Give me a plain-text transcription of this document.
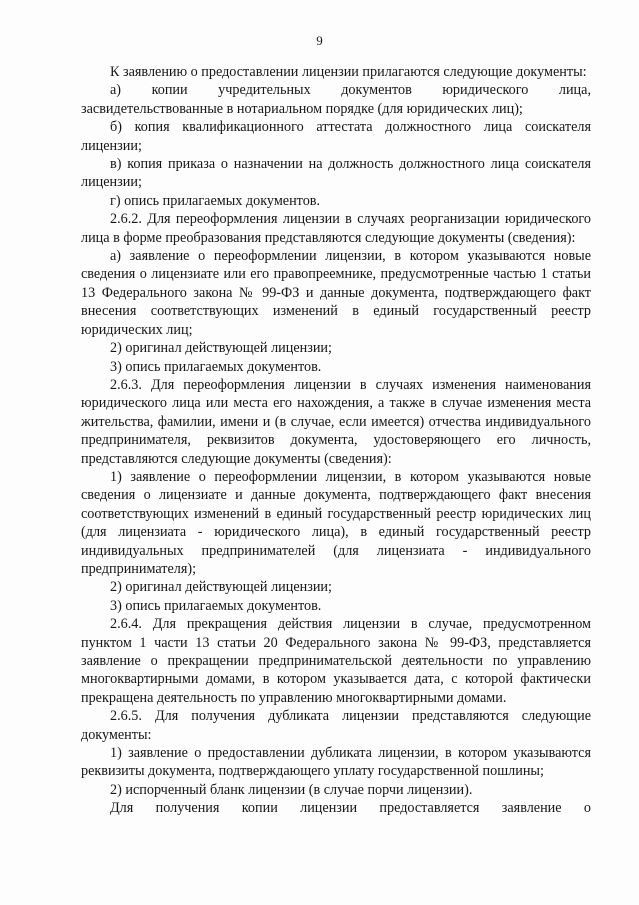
9

К заявлению о предоставлении лицензии прилагаются следующие документы:

а) копии учредительных документов юридического лица, засвидетельствованные в нотариальном порядке (для юридических лиц);

б) копия квалификационного аттестата должностного лица соискателя лицензии;

в) копия приказа о назначении на должность должностного лица соискателя лицензии;

г) опись прилагаемых документов.

2.6.2. Для переоформления лицензии в случаях реорганизации юридического лица в форме преобразования представляются следующие документы (сведения):

а) заявление о переоформлении лицензии, в котором указываются новые сведения о лицензиате или его правопреемнике, предусмотренные частью 1 статьи 13 Федерального закона № 99-ФЗ и данные документа, подтверждающего факт внесения соответствующих изменений в единый государственный реестр юридических лиц;

2) оригинал действующей лицензии;

3) опись прилагаемых документов.

2.6.3. Для переоформления лицензии в случаях изменения наименования юридического лица или места его нахождения, а также в случае изменения места жительства, фамилии, имени и (в случае, если имеется) отчества индивидуального предпринимателя, реквизитов документа, удостоверяющего его личность, представляются следующие документы (сведения):

1) заявление о переоформлении лицензии, в котором указываются новые сведения о лицензиате и данные документа, подтверждающего факт внесения соответствующих изменений в единый государственный реестр юридических лиц (для лицензиата - юридического лица), в единый государственный реестр индивидуальных предпринимателей (для лицензиата - индивидуального предпринимателя);

2) оригинал действующей лицензии;

3) опись прилагаемых документов.

2.6.4. Для прекращения действия лицензии в случае, предусмотренном пунктом 1 части 13 статьи 20 Федерального закона № 99-ФЗ, представляется заявление о прекращении предпринимательской деятельности по управлению многоквартирными домами, в котором указывается дата, с которой фактически прекращена деятельность по управлению многоквартирными домами.

2.6.5. Для получения дубликата лицензии представляются следующие документы:

1) заявление о предоставлении дубликата лицензии, в котором указываются реквизиты документа, подтверждающего уплату государственной пошлины;

2) испорченный бланк лицензии (в случае порчи лицензии).

Для получения копии лицензии предоставляется заявление о
